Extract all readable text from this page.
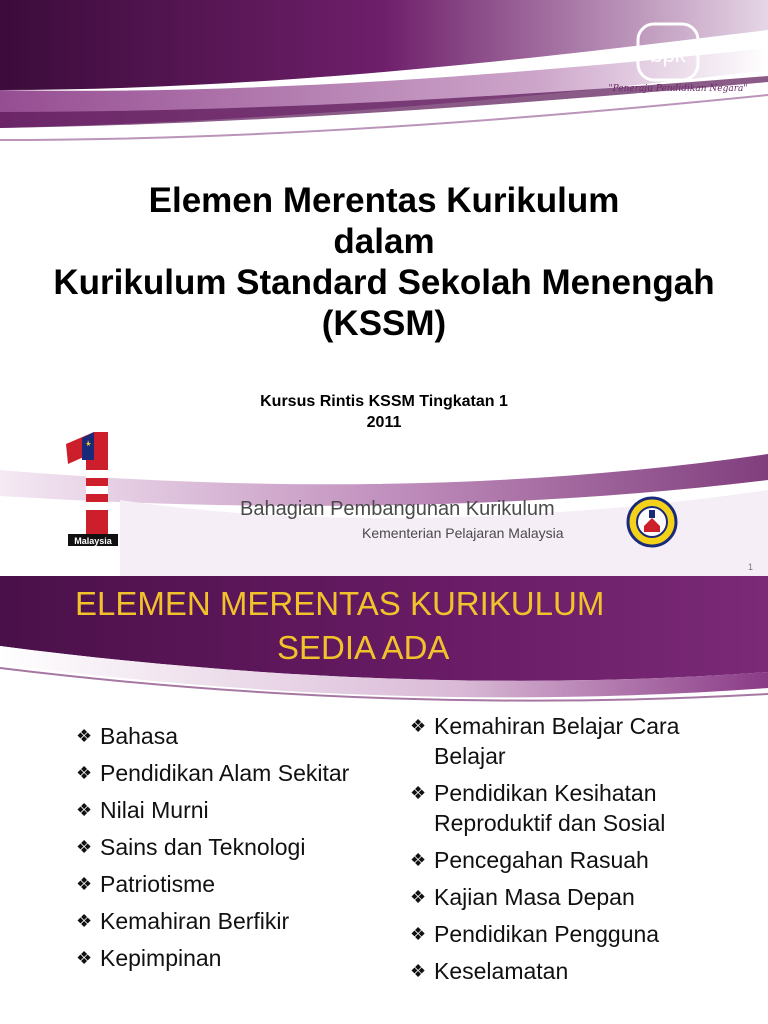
bpk
"Peneraju Pendidikan Negara"
Elemen Merentas Kurikulum
dalam
Kurikulum Standard Sekolah Menengah
(KSSM)
Kursus Rintis KSSM Tingkatan 1
2011
Malaysia
Bahagian Pembangunan Kurikulum
Kementerian Pelajaran Malaysia
1
ELEMEN MERENTAS KURIKULUM
SEDIA ADA
❖ Bahasa
❖ Pendidikan Alam Sekitar
❖ Nilai Murni
❖ Sains dan Teknologi
❖ Patriotisme
❖ Kemahiran Berfikir
❖ Kepimpinan
❖ Kemahiran Belajar Cara Belajar
❖ Pendidikan Kesihatan Reproduktif dan Sosial
❖ Pencegahan Rasuah
❖ Kajian Masa Depan
❖ Pendidikan Pengguna
❖ Keselamatan
